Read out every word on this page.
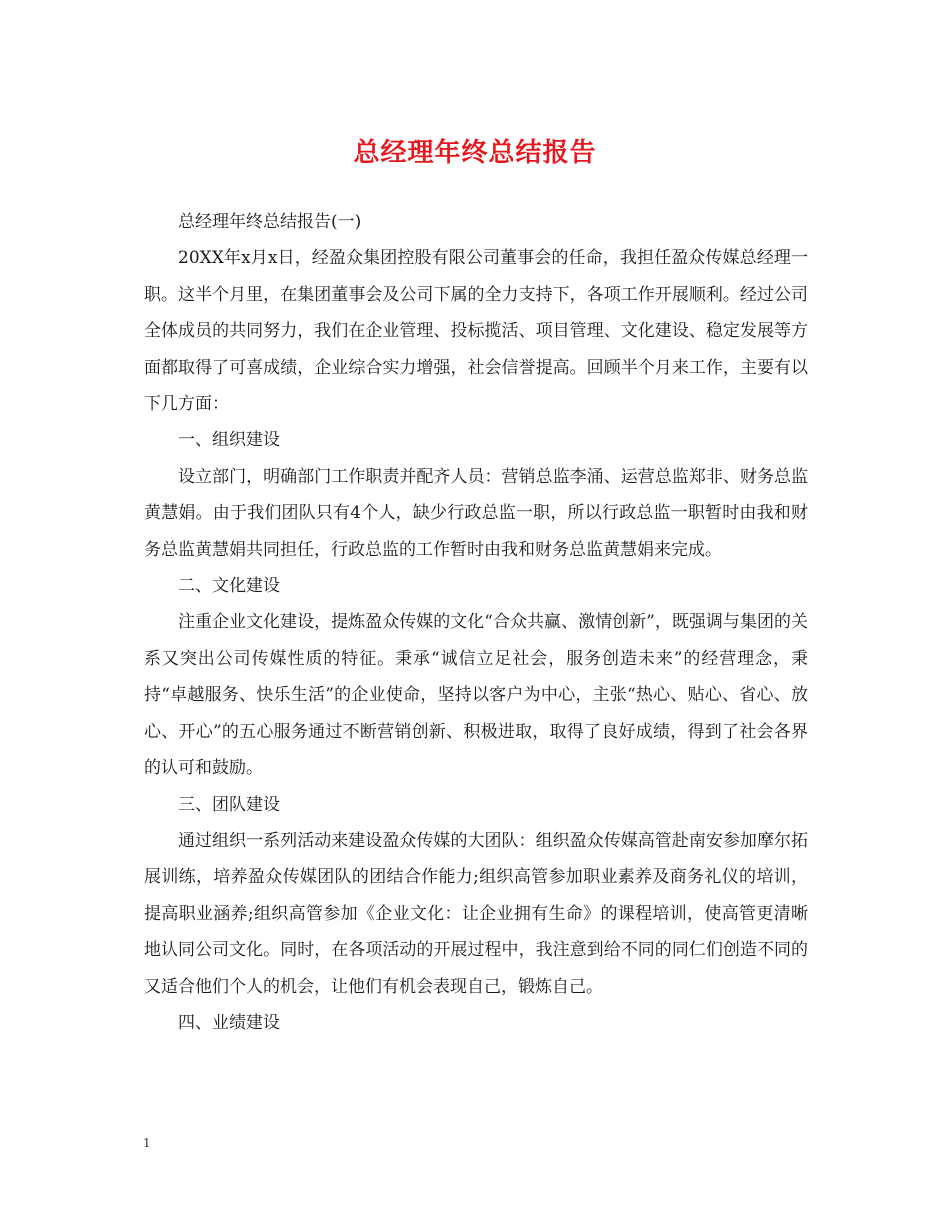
总经理年终总结报告

总经理年终总结报告(一)

20XX年x月x日，经盈众集团控股有限公司董事会的任命，我担任盈众传媒总经理一职。这半个月里，在集团董事会及公司下属的全力支持下，各项工作开展顺利。经过公司全体成员的共同努力，我们在企业管理、投标揽活、项目管理、文化建设、稳定发展等方面都取得了可喜成绩，企业综合实力增强，社会信誉提高。回顾半个月来工作，主要有以下几方面：

一、组织建设

设立部门，明确部门工作职责并配齐人员：营销总监李涌、运营总监郑非、财务总监黄慧娟。由于我们团队只有4个人，缺少行政总监一职，所以行政总监一职暂时由我和财务总监黄慧娟共同担任，行政总监的工作暂时由我和财务总监黄慧娟来完成。

二、文化建设

注重企业文化建设，提炼盈众传媒的文化“合众共赢、激情创新”，既强调与集团的关系又突出公司传媒性质的特征。秉承“诚信立足社会，服务创造未来”的经营理念，秉持“卓越服务、快乐生活”的企业使命，坚持以客户为中心，主张“热心、贴心、省心、放心、开心”的五心服务通过不断营销创新、积极进取，取得了良好成绩，得到了社会各界的认可和鼓励。

三、团队建设

通过组织一系列活动来建设盈众传媒的大团队：组织盈众传媒高管赴南安参加摩尔拓展训练，培养盈众传媒团队的团结合作能力;组织高管参加职业素养及商务礼仪的培训，提高职业涵养;组织高管参加《企业文化：让企业拥有生命》的课程培训，使高管更清晰地认同公司文化。同时，在各项活动的开展过程中，我注意到给不同的同仁们创造不同的又适合他们个人的机会，让他们有机会表现自己，锻炼自己。

四、业绩建设

1
